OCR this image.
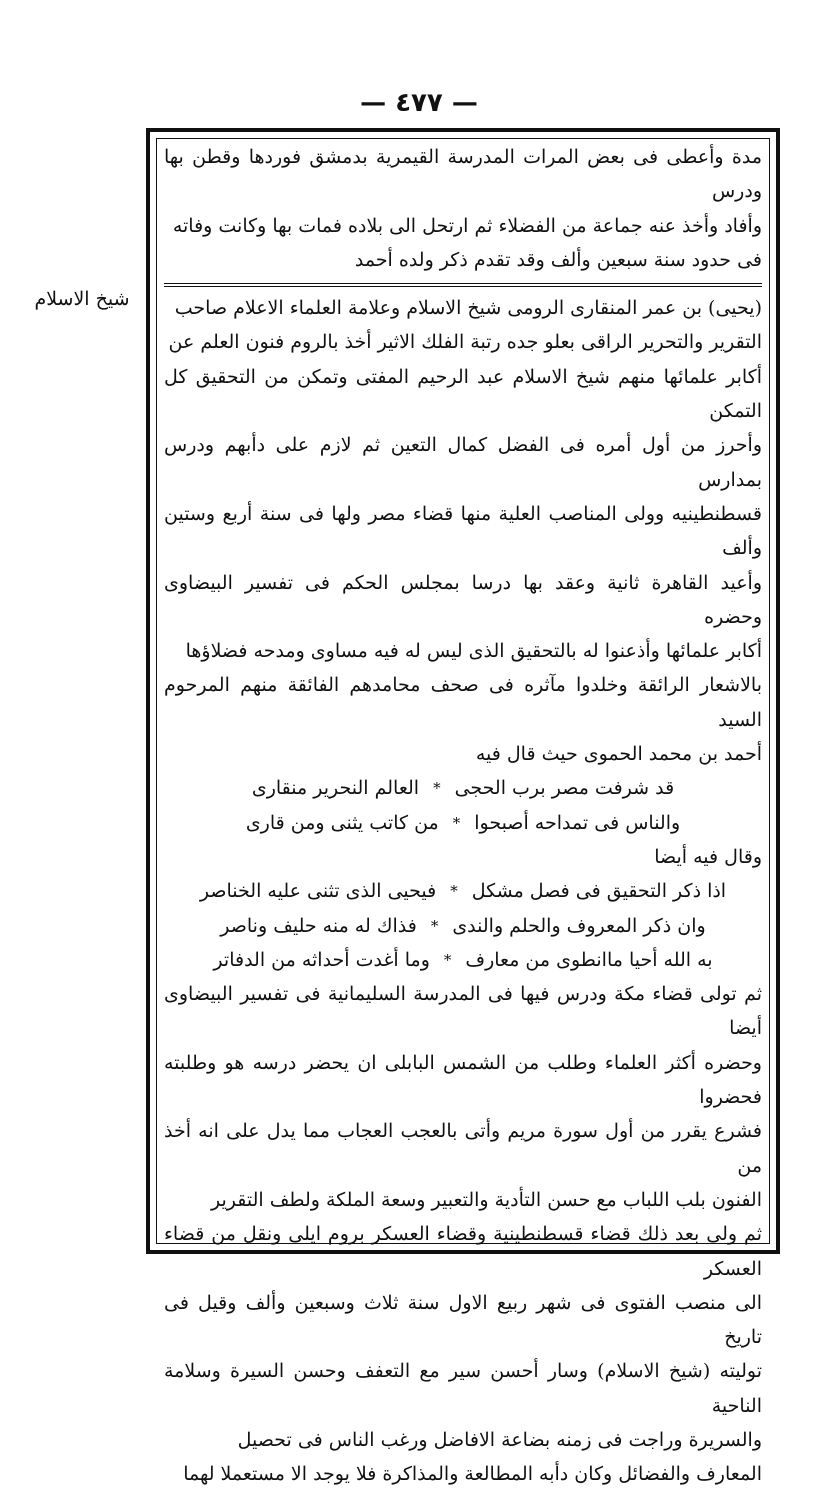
— ٤٧٧ —
شيخ الاسلام

مدة وأعطى فى بعض المرات المدرسة القيمرية بدمشق فوردها وقطن بها ودرس

وأفاد وأخذ عنه جماعة من الفضلاء ثم ارتحل الى بلاده فمات بها وكانت وفاته

فى حدود سنة سبعين وألف وقد تقدم ذكر ولده أحمد

(يحيى) بن عمر المنقارى الرومى شيخ الاسلام وعلامة العلماء الاعلام صاحب

التقرير والتحرير الراقى بعلو جده رتبة الفلك الاثير أخذ بالروم فنون العلم عن

أكابر علمائها منهم شيخ الاسلام عبد الرحيم المفتى وتمكن من التحقيق كل التمكن

وأحرز من أول أمره فى الفضل كمال التعين ثم لازم على دأبهم ودرس بمدارس

قسطنطينيه وولى المناصب العلية منها قضاء مصر ولها فى سنة أربع وستين وألف

وأعيد القاهرة ثانية وعقد بها درسا بمجلس الحكم فى تفسير البيضاوى وحضره

أكابر علمائها وأذعنوا له بالتحقيق الذى ليس له فيه مساوى ومدحه فضلاؤها

بالاشعار الرائقة وخلدوا مآثره فى صحف محامدهم الفائقة منهم المرحوم السيد

أحمد بن محمد الحموى حيث قال فيه

قد شرفت مصر برب الحجى
*
العالم النحرير منقارى
والناس فى تمداحه أصبحوا
*
من كاتب يثنى ومن قارى

وقال فيه أيضا

اذا ذكر التحقيق فى فصل مشكل
*
فيحيى الذى تثنى عليه الخناصر
وان ذكر المعروف والحلم والندى
*
فذاك له منه حليف وناصر
به الله أحيا ماانطوى من معارف
*
وما أغدت أحداثه من الدفاتر

ثم تولى قضاء مكة ودرس فيها فى المدرسة السليمانية فى تفسير البيضاوى أيضا

وحضره أكثر العلماء وطلب من الشمس البابلى ان يحضر درسه هو وطلبته فحضروا

فشرع يقرر من أول سورة مريم وأتى بالعجب العجاب مما يدل على انه أخذ من

الفنون بلب اللباب مع حسن التأدية والتعبير وسعة الملكة ولطف التقرير

ثم ولى بعد ذلك قضاء قسطنطينية وقضاء العسكر بروم ايلى ونقل من قضاء العسكر

الى منصب الفتوى فى شهر ربيع الاول سنة ثلاث وسبعين وألف وقيل فى تاريخ

توليته (شيخ الاسلام) وسار أحسن سير مع التعفف وحسن السيرة وسلامة الناحية

والسريرة وراجت فى زمنه بضاعة الافاضل ورغب الناس فى تحصيل

المعارف والفضائل وكان دأبه المطالعة والمذاكرة فلا يوجد الا مستعملا لهما
